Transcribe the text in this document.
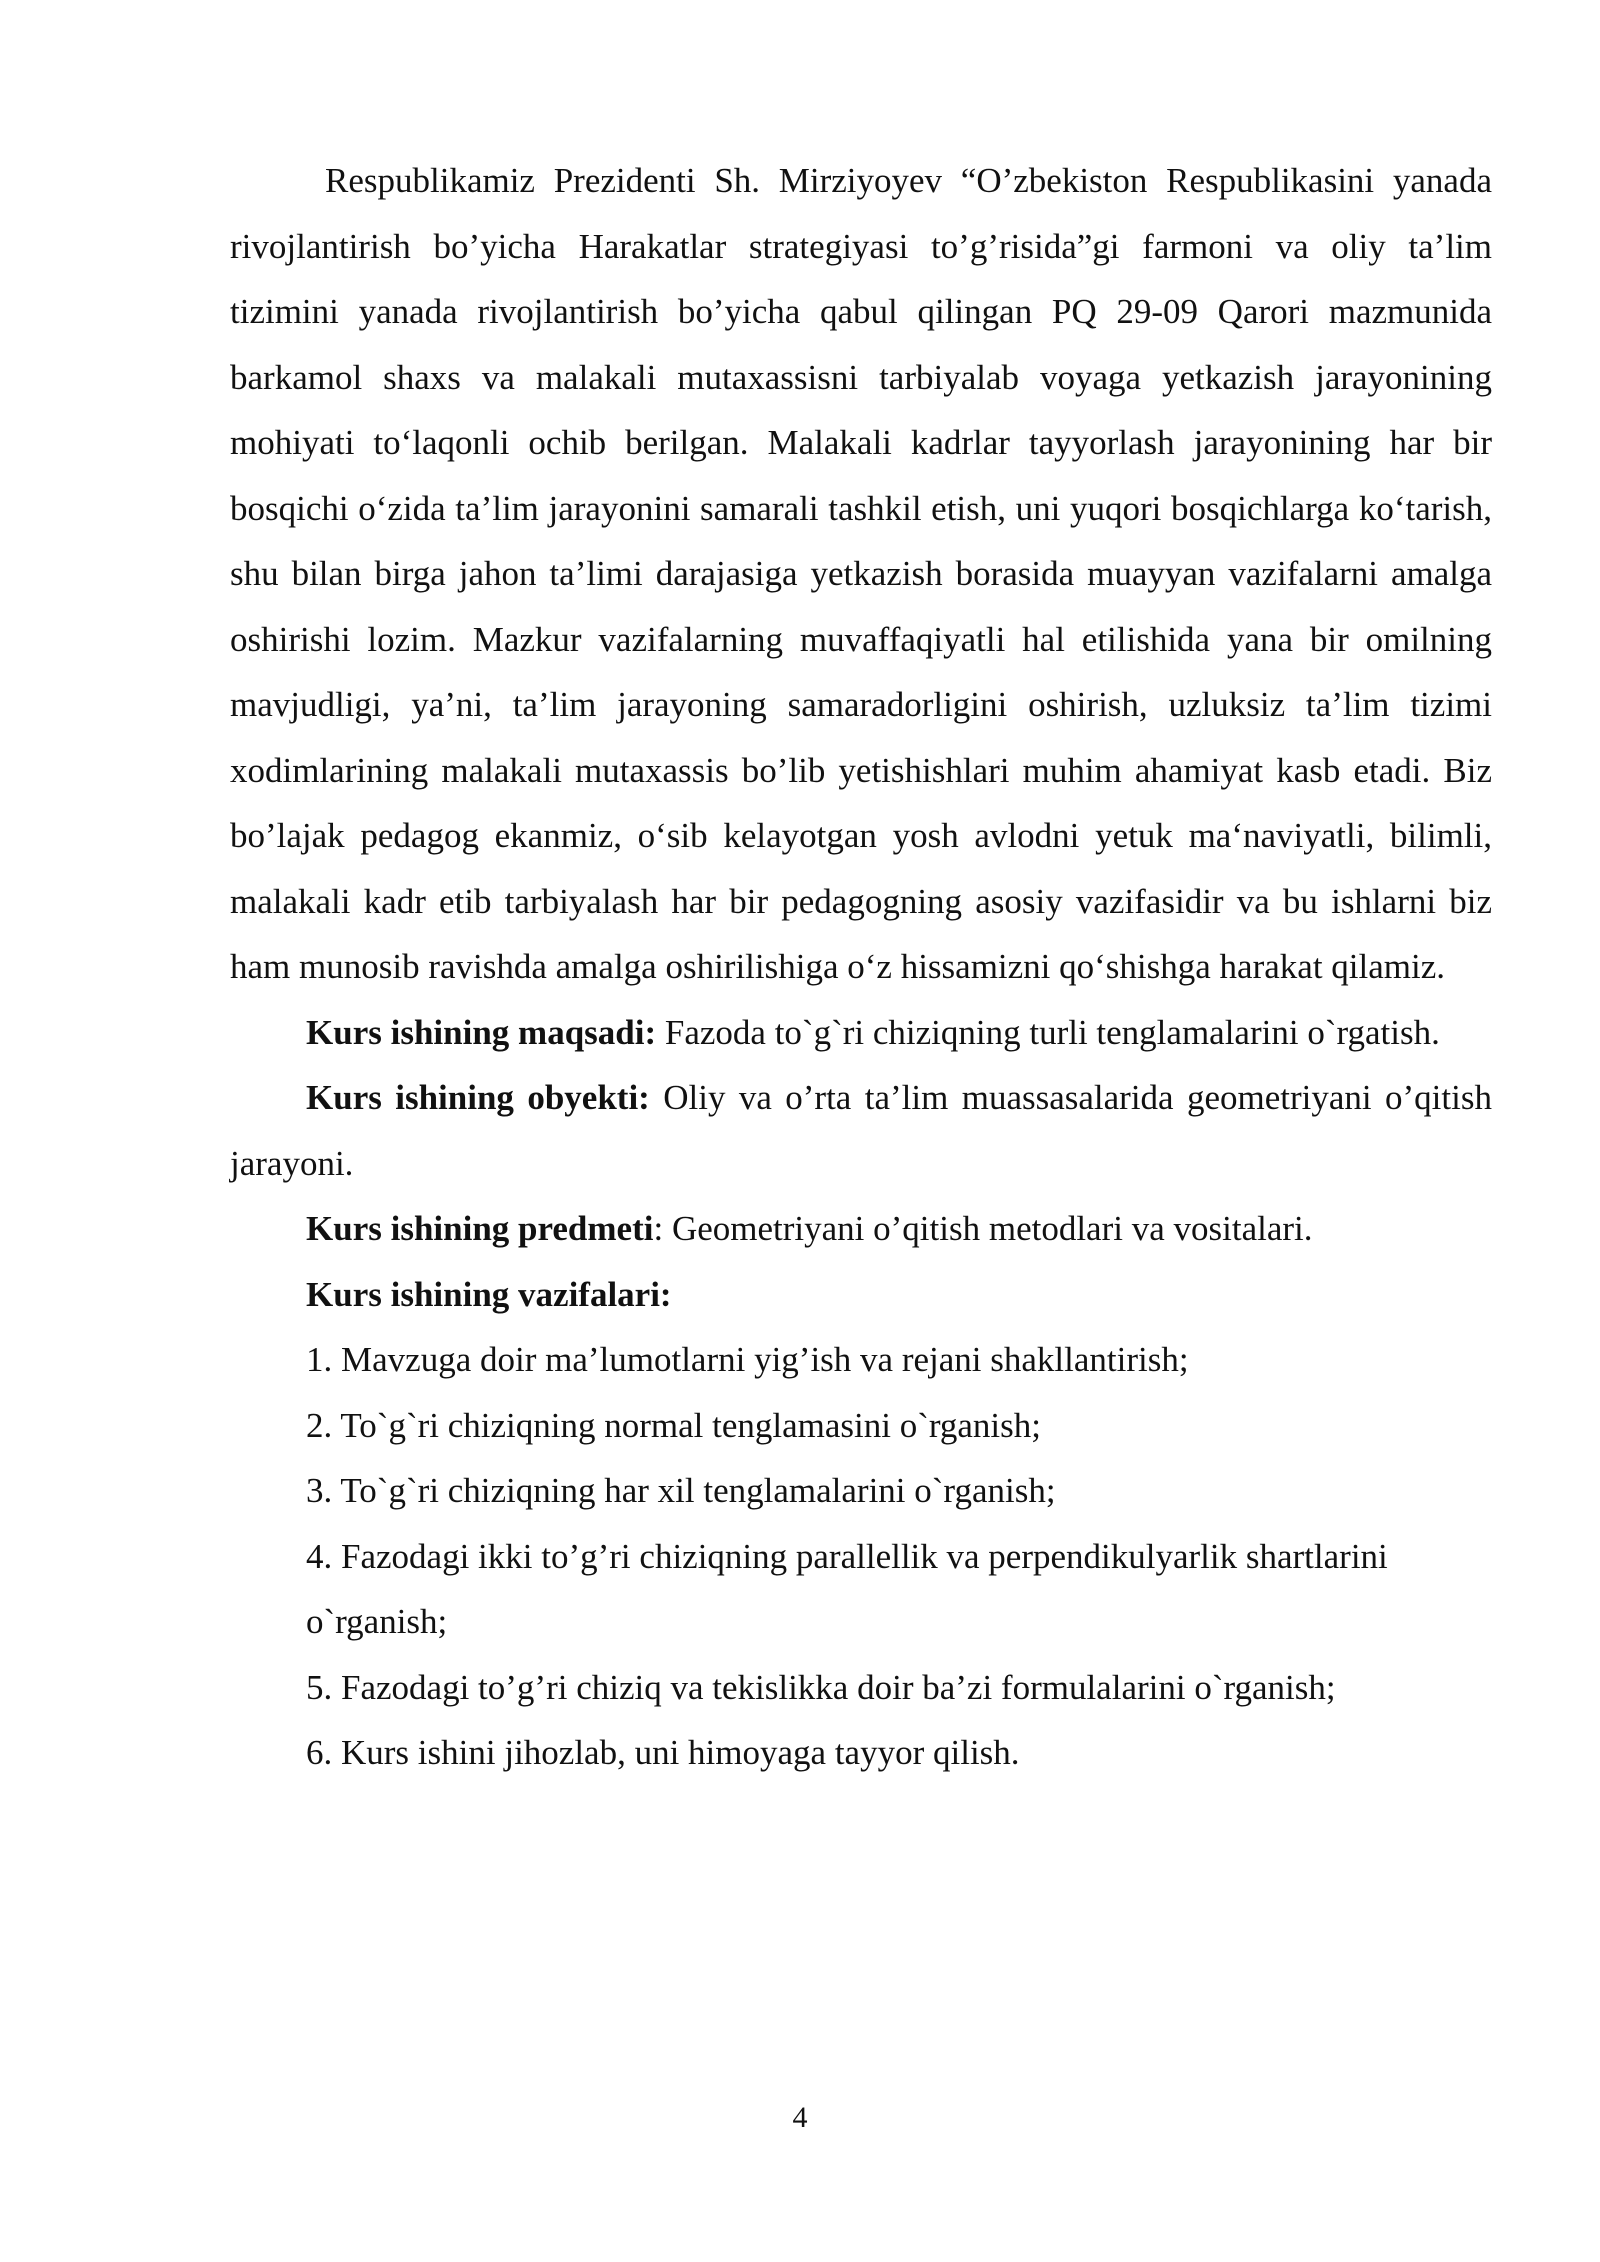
Respublikamiz Prezidenti Sh. Mirziyoyev “O’zbekiston Respublikasini yanada rivojlantirish bo’yicha Harakatlar strategiyasi to’g’risida”gi farmoni va oliy ta’lim tizimini yanada rivojlantirish bo’yicha qabul qilingan PQ 29-09 Qarori mazmunida barkamol shaxs va malakali mutaxassisni tarbiyalab voyaga yetkazish jarayonining mohiyati to‘laqonli ochib berilgan. Malakali kadrlar tayyorlash jarayonining har bir bosqichi o‘zida ta’lim jarayonini samarali tashkil etish, uni yuqori bosqichlarga ko‘tarish, shu bilan birga jahon ta’limi darajasiga yetkazish borasida muayyan vazifalarni amalga oshirishi lozim. Mazkur vazifalarning muvaffaqiyatli hal etilishida yana bir omilning mavjudligi, ya’ni, ta’lim jarayoning samaradorligini oshirish, uzluksiz ta’lim tizimi xodimlarining malakali mutaxassis bo’lib yetishishlari muhim ahamiyat kasb etadi. Biz bo’lajak pedagog ekanmiz, o‘sib kelayotgan yosh avlodni yetuk ma‘naviyatli, bilimli, malakali kadr etib tarbiyalash har bir pedagogning asosiy vazifasidir va bu ishlarni biz ham munosib ravishda amalga oshirilishiga o‘z hissamizni qo‘shishga harakat qilamiz.

Kurs ishining maqsadi: Fazoda to`g`ri chiziqning turli tenglamalarini o`rgatish.

Kurs ishining obyekti: Oliy va o’rta ta’lim muassasalarida geometriyani o’qitish jarayoni.

Kurs ishining predmeti: Geometriyani o’qitish metodlari va vositalari.

Kurs ishining vazifalari:

1. Mavzuga doir ma’lumotlarni yig’ish va rejani shakllantirish;

2. To`g`ri chiziqning normal tenglamasini o`rganish;

3. To`g`ri chiziqning har xil tenglamalarini o`rganish;

4. Fazodagi ikki to’g’ri chiziqning parallellik va perpendikulyarlik shartlarini

o`rganish;

5. Fazodagi to’g’ri chiziq va tekislikka doir ba’zi formulalarini o`rganish;

6. Kurs ishini jihozlab, uni himoyaga tayyor qilish.

4
